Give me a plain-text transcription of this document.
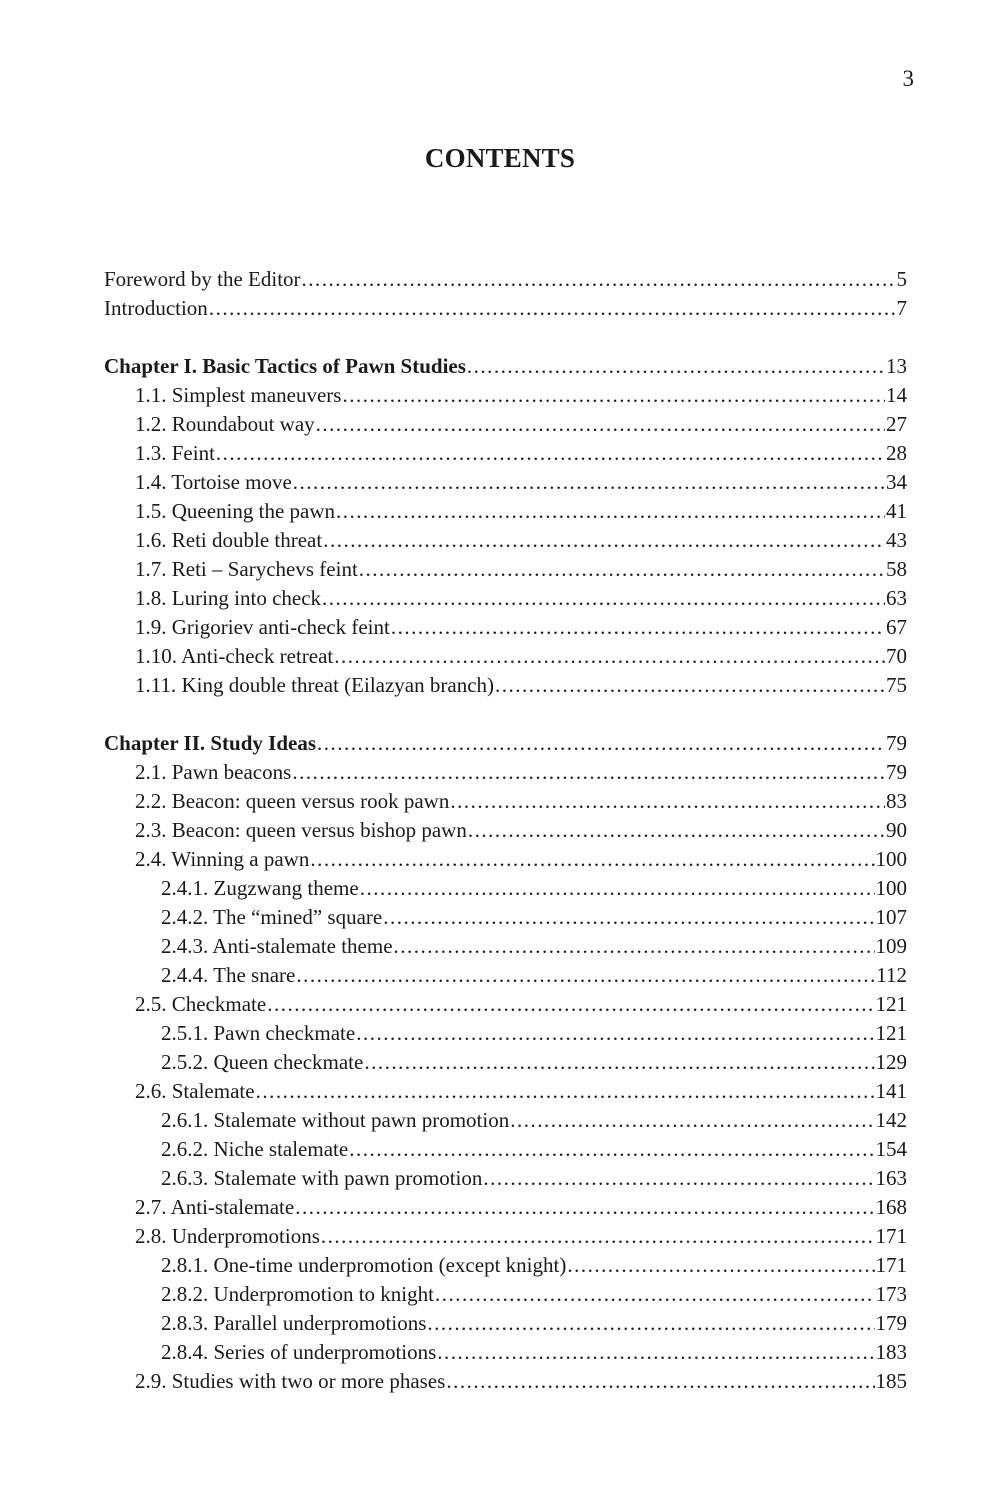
3
CONTENTS
Foreword by the Editor .....	5
Introduction .....	7
Chapter I. Basic Tactics of Pawn Studies .....	13
1.1. Simplest maneuvers .....	14
1.2. Roundabout way .....	27
1.3. Feint .....	28
1.4. Tortoise move .....	34
1.5. Queening the pawn .....	41
1.6. Reti double threat .....	43
1.7. Reti – Sarychevs feint .....	58
1.8. Luring into check .....	63
1.9. Grigoriev anti-check feint .....	67
1.10. Anti-check retreat .....	70
1.11. King double threat (Eilazyan branch) .....	75
Chapter II. Study Ideas .....	79
2.1. Pawn beacons .....	79
2.2. Beacon: queen versus rook pawn .....	83
2.3. Beacon: queen versus bishop pawn .....	90
2.4. Winning a pawn .....	100
2.4.1. Zugzwang theme .....	100
2.4.2. The “mined” square .....	107
2.4.3. Anti-stalemate theme .....	109
2.4.4. The snare .....	112
2.5. Checkmate .....	121
2.5.1. Pawn checkmate .....	121
2.5.2. Queen checkmate .....	129
2.6. Stalemate .....	141
2.6.1. Stalemate without pawn promotion .....	142
2.6.2. Niche stalemate .....	154
2.6.3. Stalemate with pawn promotion .....	163
2.7. Anti-stalemate .....	168
2.8. Underpromotions .....	171
2.8.1. One-time underpromotion (except knight) .....	171
2.8.2. Underpromotion to knight .....	173
2.8.3. Parallel underpromotions .....	179
2.8.4. Series of underpromotions .....	183
2.9. Studies with two or more phases .....	185
